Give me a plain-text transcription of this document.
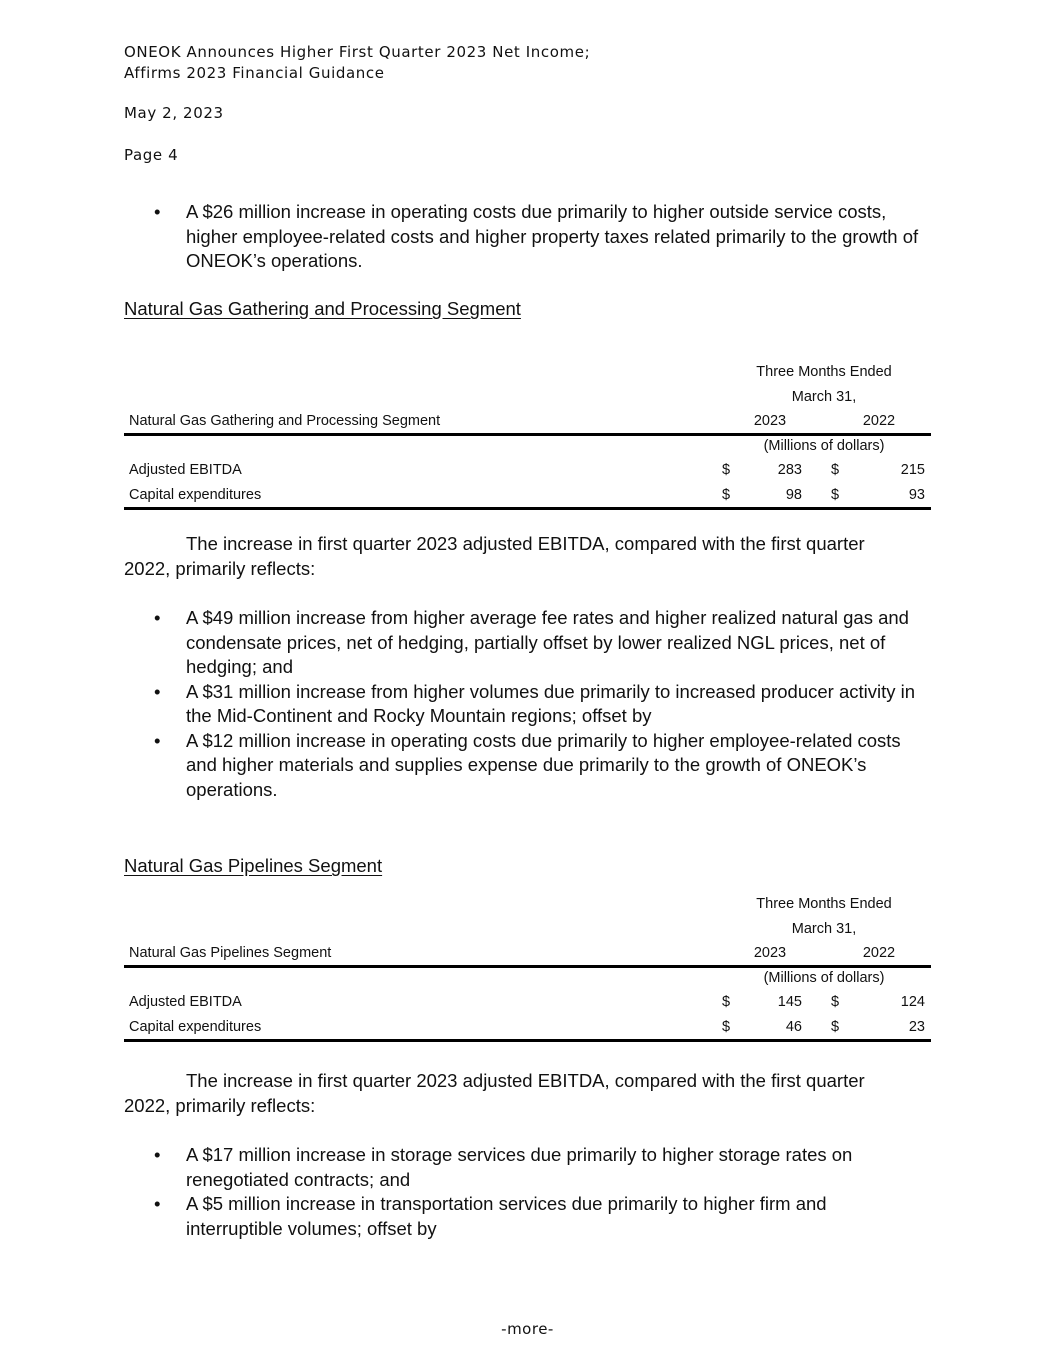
ONEOK Announces Higher First Quarter 2023 Net Income;
Affirms 2023 Financial Guidance
May 2, 2023
Page 4
• A $26 million increase in operating costs due primarily to higher outside service costs, higher employee-related costs and higher property taxes related primarily to the growth of ONEOK’s operations.
Natural Gas Gathering and Processing Segment
Three Months Ended
March 31,
Natural Gas Gathering and Processing Segment	2023	2022
(Millions of dollars)
Adjusted EBITDA	$	283 $	215
Capital expenditures	$	98 $	93
The increase in first quarter 2023 adjusted EBITDA, compared with the first quarter 2022, primarily reflects:
• A $49 million increase from higher average fee rates and higher realized natural gas and condensate prices, net of hedging, partially offset by lower realized NGL prices, net of hedging; and
• A $31 million increase from higher volumes due primarily to increased producer activity in the Mid-Continent and Rocky Mountain regions; offset by
• A $12 million increase in operating costs due primarily to higher employee-related costs and higher materials and supplies expense due primarily to the growth of ONEOK’s operations.
Natural Gas Pipelines Segment
Three Months Ended
March 31,
Natural Gas Pipelines Segment	2023	2022
(Millions of dollars)
Adjusted EBITDA	$	145 $	124
Capital expenditures	$	46 $	23
The increase in first quarter 2023 adjusted EBITDA, compared with the first quarter 2022, primarily reflects:
• A $17 million increase in storage services due primarily to higher storage rates on renegotiated contracts; and
• A $5 million increase in transportation services due primarily to higher firm and interruptible volumes; offset by
-more-
